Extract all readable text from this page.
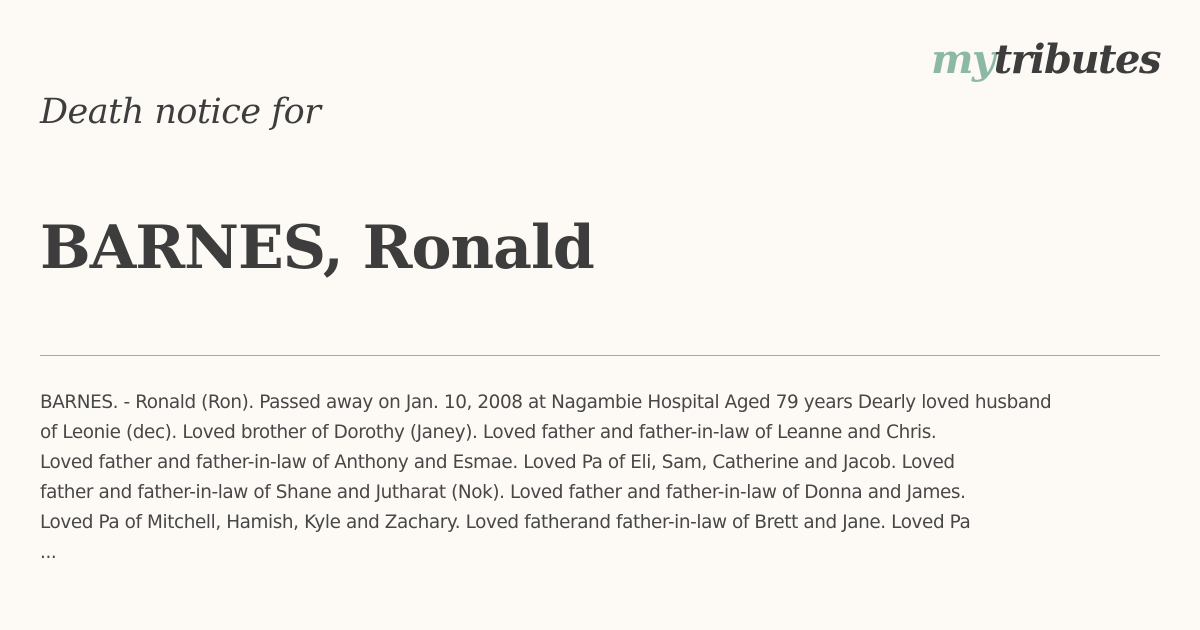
mytributes
Death notice for
BARNES, Ronald
BARNES. - Ronald (Ron). Passed away on Jan. 10, 2008 at Nagambie Hospital Aged 79 years Dearly loved husband
of Leonie (dec). Loved brother of Dorothy (Janey). Loved father and father-in-law of Leanne and Chris.
Loved father and father-in-law of Anthony and Esmae. Loved Pa of Eli, Sam, Catherine and Jacob. Loved
father and father-in-law of Shane and Jutharat (Nok). Loved father and father-in-law of Donna and James.
Loved Pa of Mitchell, Hamish, Kyle and Zachary. Loved fatherand father-in-law of Brett and Jane. Loved Pa
...
